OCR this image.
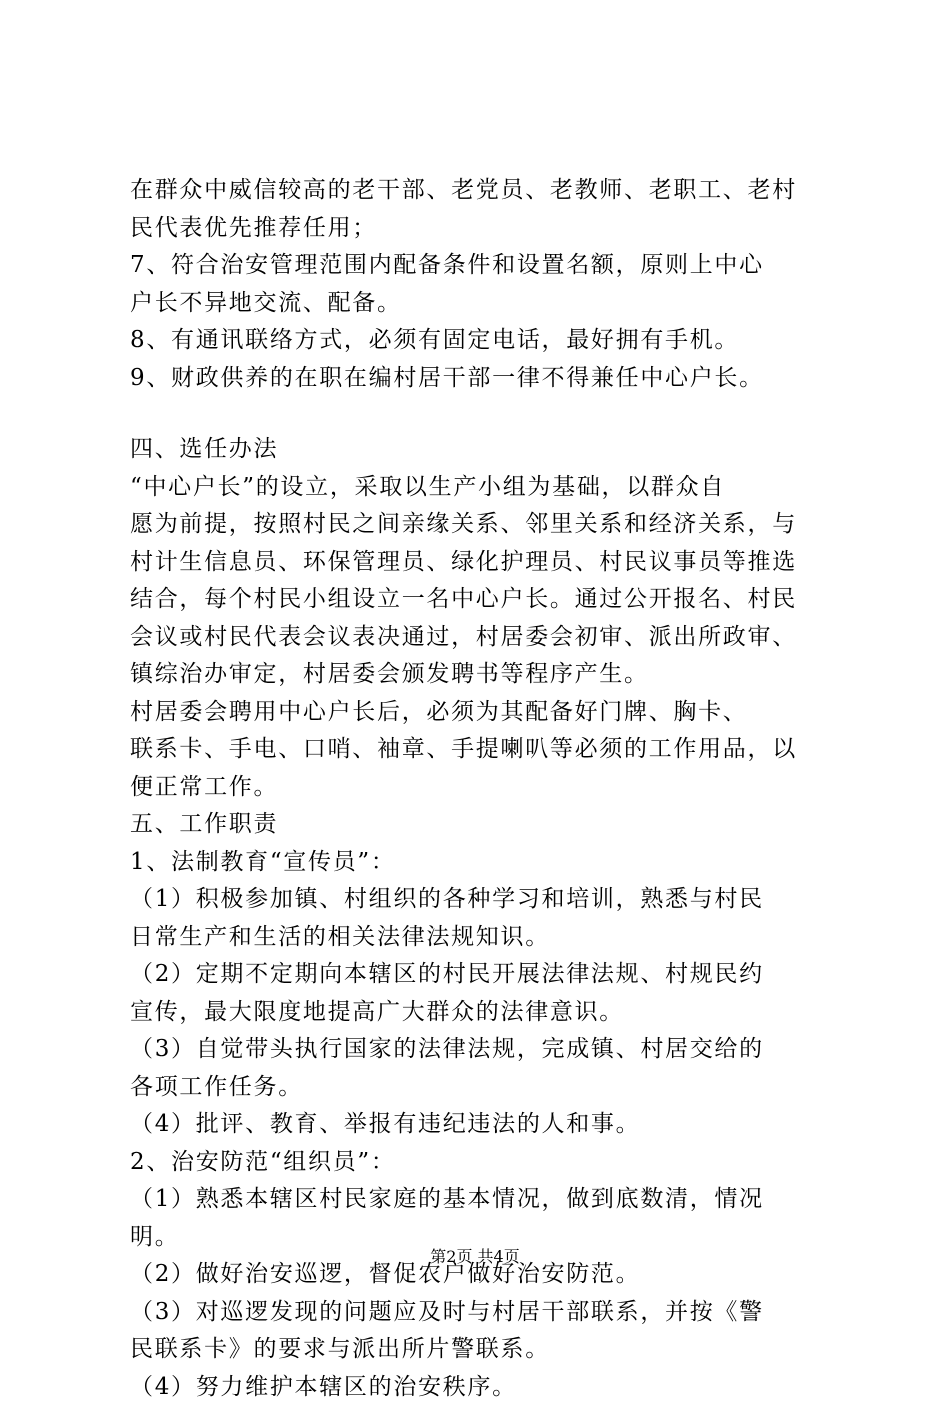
在群众中威信较高的老干部、老党员、老教师、老职工、老村
民代表优先推荐任用；
7、符合治安管理范围内配备条件和设置名额，原则上中心
户长不异地交流、配备。
8、有通讯联络方式，必须有固定电话，最好拥有手机。
9、财政供养的在职在编村居干部一律不得兼任中心户长。
四、选任办法
“中心户长”的设立，采取以生产小组为基础，以群众自
愿为前提，按照村民之间亲缘关系、邻里关系和经济关系，与
村计生信息员、环保管理员、绿化护理员、村民议事员等推选
结合，每个村民小组设立一名中心户长。通过公开报名、村民
会议或村民代表会议表决通过，村居委会初审、派出所政审、
镇综治办审定，村居委会颁发聘书等程序产生。
村居委会聘用中心户长后，必须为其配备好门牌、胸卡、
联系卡、手电、口哨、袖章、手提喇叭等必须的工作用品，以
便正常工作。
五、工作职责
1、法制教育“宣传员”：
（1）积极参加镇、村组织的各种学习和培训，熟悉与村民
日常生产和生活的相关法律法规知识。
（2）定期不定期向本辖区的村民开展法律法规、村规民约
宣传，最大限度地提高广大群众的法律意识。
（3）自觉带头执行国家的法律法规，完成镇、村居交给的
各项工作任务。
（4）批评、教育、举报有违纪违法的人和事。
2、治安防范“组织员”：
（1）熟悉本辖区村民家庭的基本情况，做到底数清，情况
明。
（2）做好治安巡逻，督促农户做好治安防范。
（3）对巡逻发现的问题应及时与村居干部联系，并按《警
民联系卡》的要求与派出所片警联系。
（4）努力维护本辖区的治安秩序。
第2页 共4页
